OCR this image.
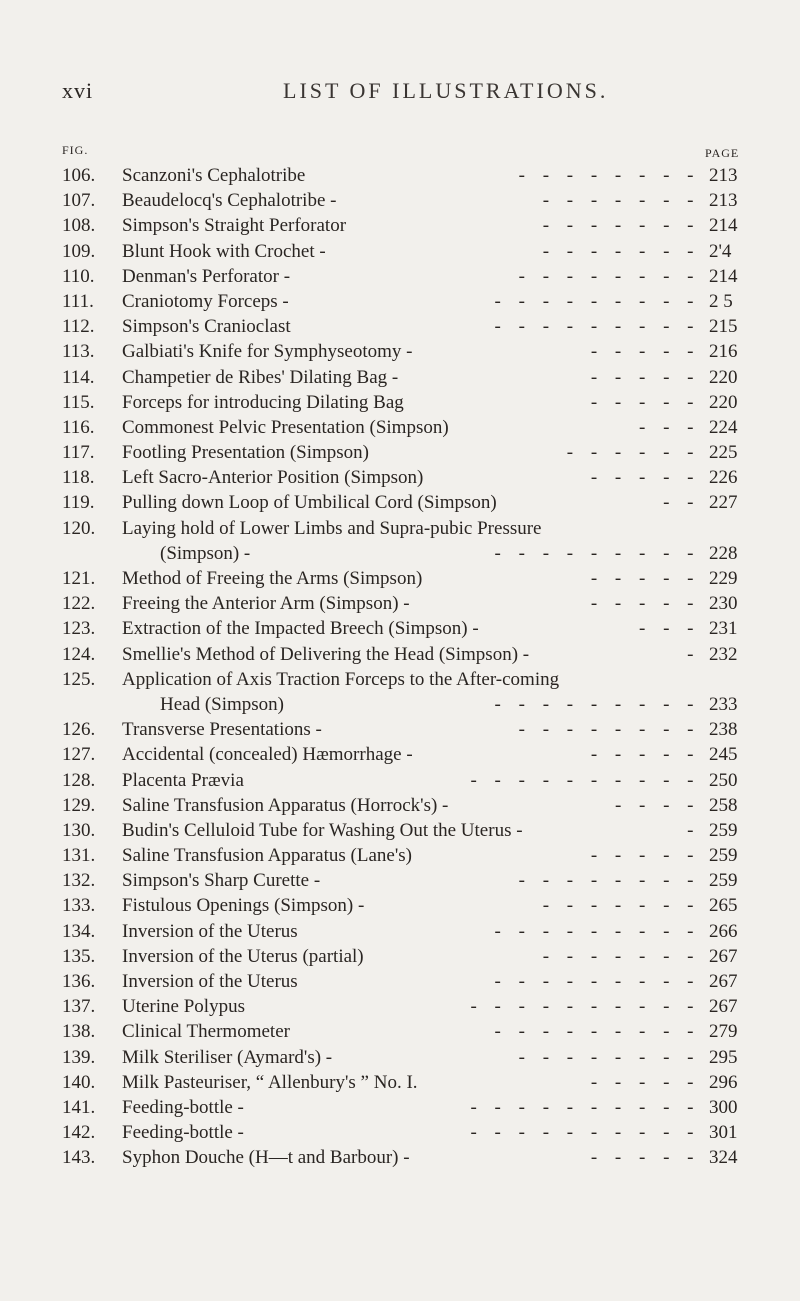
xvi	LIST OF ILLUSTRATIONS.
FIG.	PAGE
106. Scanzoni's Cephalotribe	- - - - - - - - 213
107. Beaudelocq's Cephalotribe -	- - - - - - - 213
108. Simpson's Straight Perforator	- - - - - - - 214
109. Blunt Hook with Crochet -	- - - - - - - 2'4
110. Denman's Perforator -	- - - - - - - - 214
111. Craniotomy Forceps -	- - - - - - - - - 2 5
112. Simpson's Cranioclast	- - - - - - - - - 215
113. Galbiati's Knife for Symphyseotomy -	- - - - - 216
114. Champetier de Ribes' Dilating Bag -	- - - - - 220
115. Forceps for introducing Dilating Bag	- - - - - 220
116. Commonest Pelvic Presentation (Simpson)	- - - 224
117. Footling Presentation (Simpson)	- - - - - - 225
118. Left Sacro-Anterior Position (Simpson)	- - - - - 226
119. Pulling down Loop of Umbilical Cord (Simpson)	- - 227
120. Laying hold of Lower Limbs and Supra-pubic Pressure
(Simpson) -	- - - - - - - - - 228
121. Method of Freeing the Arms (Simpson)	- - - - - 229
122. Freeing the Anterior Arm (Simpson) -	- - - - - 230
123. Extraction of the Impacted Breech (Simpson) -	- - - 231
124. Smellie's Method of Delivering the Head (Simpson) -	- 232
125. Application of Axis Traction Forceps to the After-coming
Head (Simpson)	- - - - - - - - - 233
126. Transverse Presentations -	- - - - - - - - 238
127. Accidental (concealed) Hæmorrhage -	- - - - - 245
128. Placenta Prævia	- - - - - - - - - - 250
129. Saline Transfusion Apparatus (Horrock's) -	- - - - 258
130. Budin's Celluloid Tube for Washing Out the Uterus -	- 259
131. Saline Transfusion Apparatus (Lane's)	- - - - - 259
132. Simpson's Sharp Curette -	- - - - - - - - 259
133. Fistulous Openings (Simpson) -	- - - - - - - 265
134. Inversion of the Uterus	- - - - - - - - - 266
135. Inversion of the Uterus (partial)	- - - - - - - 267
136. Inversion of the Uterus	- - - - - - - - - 267
137. Uterine Polypus	- - - - - - - - - - 267
138. Clinical Thermometer	- - - - - - - - - 279
139. Milk Steriliser (Aymard's) -	- - - - - - - - 295
140. Milk Pasteuriser, “ Allenbury's ” No. I.	- - - - - 296
141. Feeding-bottle -	- - - - - - - - - - 300
142. Feeding-bottle -	- - - - - - - - - - 301
143. Syphon Douche (H—t and Barbour) -	- - - - - 324
